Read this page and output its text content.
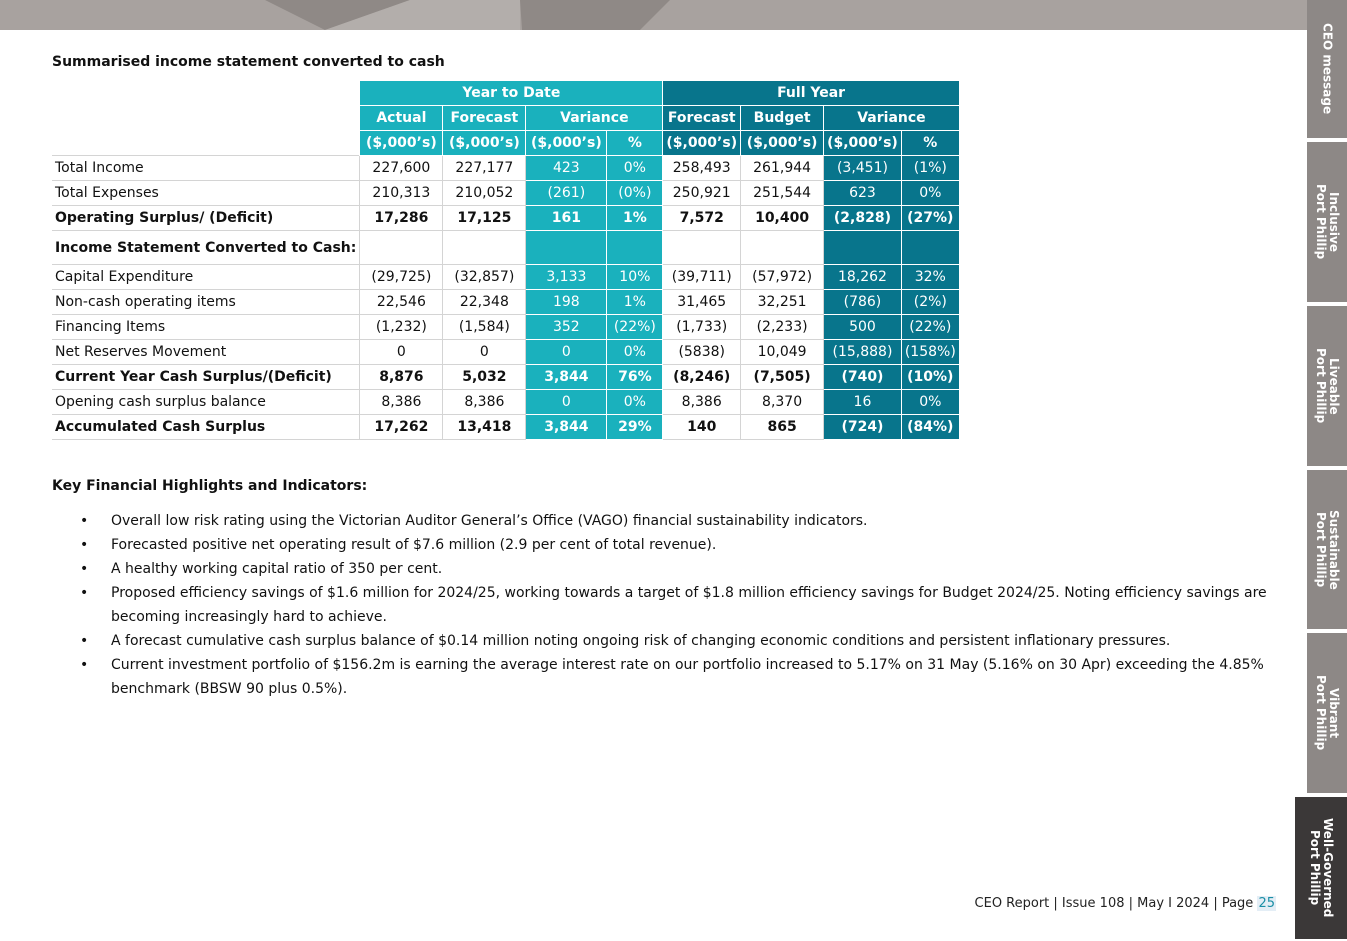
Summarised income statement converted to cash
	Year to Date				Full Year			
	Actual	Forecast	Variance		Forecast	Budget	Variance	
	($,000’s)	($,000’s)	($,000’s)	%	($,000’s)	($,000’s)	($,000’s)	%
Total Income	227,600	227,177	423	0%	258,493	261,944	(3,451)	(1%)
Total Expenses	210,313	210,052	(261)	(0%)	250,921	251,544	623	0%
Operating Surplus/ (Deficit)	17,286	17,125	161	1%	7,572	10,400	(2,828)	(27%)
Income Statement Converted to Cash:								
Capital Expenditure	(29,725)	(32,857)	3,133	10%	(39,711)	(57,972)	18,262	32%
Non-cash operating items	22,546	22,348	198	1%	31,465	32,251	(786)	(2%)
Financing Items	(1,232)	(1,584)	352	(22%)	(1,733)	(2,233)	500	(22%)
Net Reserves Movement	0	0	0	0%	(5838)	10,049	(15,888)	(158%)
Current Year Cash Surplus/(Deficit)	8,876	5,032	3,844	76%	(8,246)	(7,505)	(740)	(10%)
Opening cash surplus balance	8,386	8,386	0	0%	8,386	8,370	16	0%
Accumulated Cash Surplus	17,262	13,418	3,844	29%	140	865	(724)	(84%)
Key Financial Highlights and Indicators:
• Overall low risk rating using the Victorian Auditor General’s Office (VAGO) financial sustainability indicators.
• Forecasted positive net operating result of $7.6 million (2.9 per cent of total revenue).
• A healthy working capital ratio of 350 per cent.
• Proposed efficiency savings of $1.6 million for 2024/25, working towards a target of $1.8 million efficiency savings for Budget 2024/25. Noting efficiency savings are becoming increasingly hard to achieve.
• A forecast cumulative cash surplus balance of $0.14 million noting ongoing risk of changing economic conditions and persistent inflationary pressures.
• Current investment portfolio of $156.2m is earning the average interest rate on our portfolio increased to 5.17% on 31 May (5.16% on 30 Apr) exceeding the 4.85% benchmark (BBSW 90 plus 0.5%).
CEO message
Inclusive
Port Phillip
Liveable
Port Phillip
Sustainable
Port Phillip
Vibrant
Port Phillip
Well-Governed
Port Phillip
CEO Report | Issue 108 | May I 2024 | Page 25
